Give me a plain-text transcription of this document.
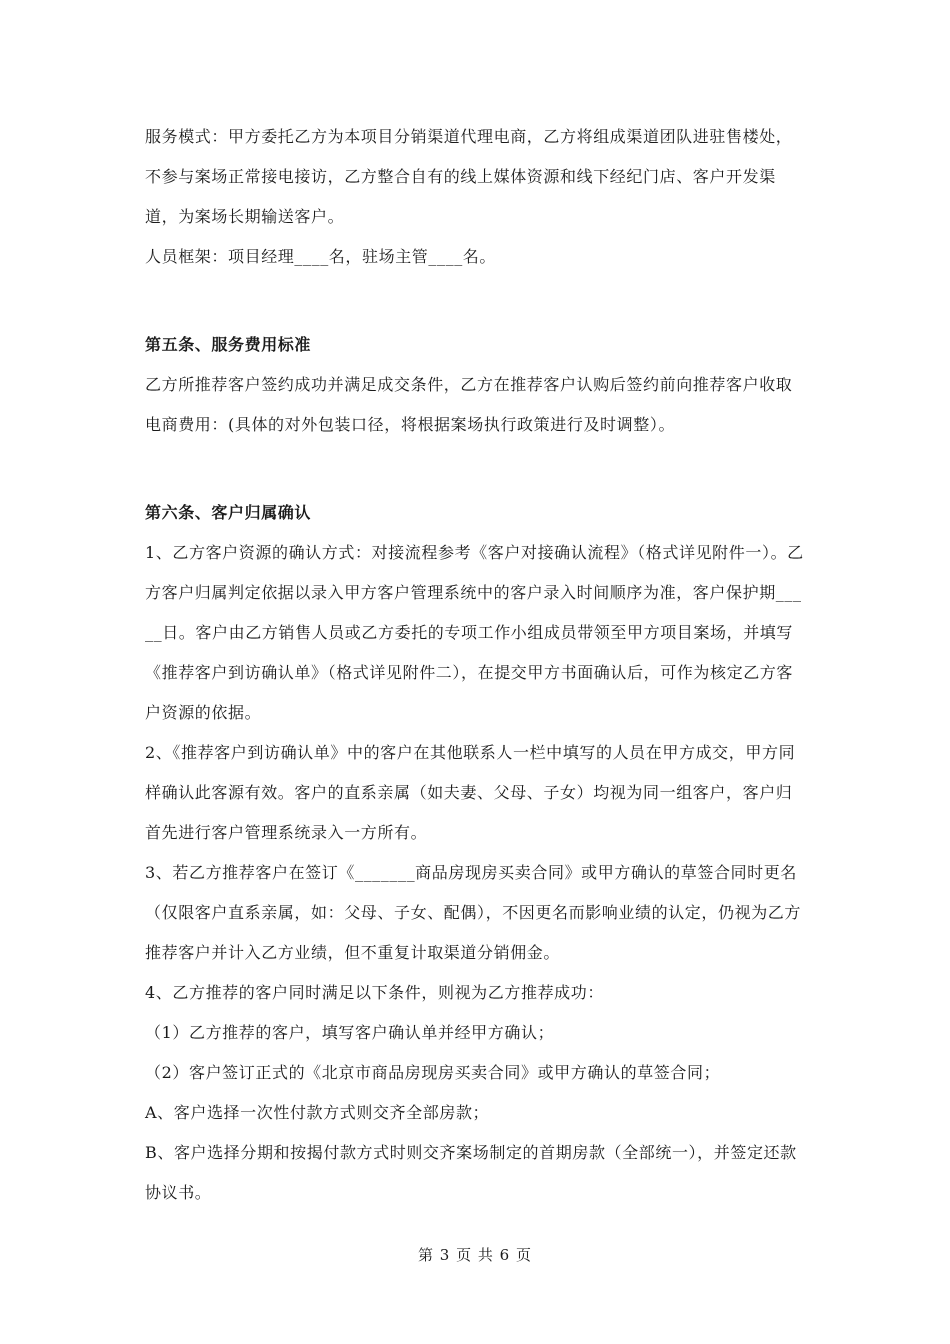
服务模式：甲方委托乙方为本项目分销渠道代理电商，乙方将组成渠道团队进驻售楼处，不参与案场正常接电接访，乙方整合自有的线上媒体资源和线下经纪门店、客户开发渠道，为案场长期输送客户。

人员框架：项目经理____名，驻场主管____名。

第五条、服务费用标准

乙方所推荐客户签约成功并满足成交条件，乙方在推荐客户认购后签约前向推荐客户收取电商费用：(具体的对外包装口径，将根据案场执行政策进行及时调整）。

第六条、客户归属确认

1、乙方客户资源的确认方式：对接流程参考《客户对接确认流程》（格式详见附件一）。乙方客户归属判定依据以录入甲方客户管理系统中的客户录入时间顺序为准，客户保护期_____日。客户由乙方销售人员或乙方委托的专项工作小组成员带领至甲方项目案场，并填写《推荐客户到访确认单》（格式详见附件二），在提交甲方书面确认后，可作为核定乙方客户资源的依据。

2、《推荐客户到访确认单》中的客户在其他联系人一栏中填写的人员在甲方成交，甲方同样确认此客源有效。客户的直系亲属（如夫妻、父母、子女）均视为同一组客户，客户归首先进行客户管理系统录入一方所有。

3、若乙方推荐客户在签订《_______商品房现房买卖合同》或甲方确认的草签合同时更名（仅限客户直系亲属，如：父母、子女、配偶），不因更名而影响业绩的认定，仍视为乙方推荐客户并计入乙方业绩，但不重复计取渠道分销佣金。

4、乙方推荐的客户同时满足以下条件，则视为乙方推荐成功：

（1）乙方推荐的客户，填写客户确认单并经甲方确认；

（2）客户签订正式的《北京市商品房现房买卖合同》或甲方确认的草签合同；

A、客户选择一次性付款方式则交齐全部房款；

B、客户选择分期和按揭付款方式时则交齐案场制定的首期房款（全部统一），并签定还款协议书。

第 3 页 共 6 页
